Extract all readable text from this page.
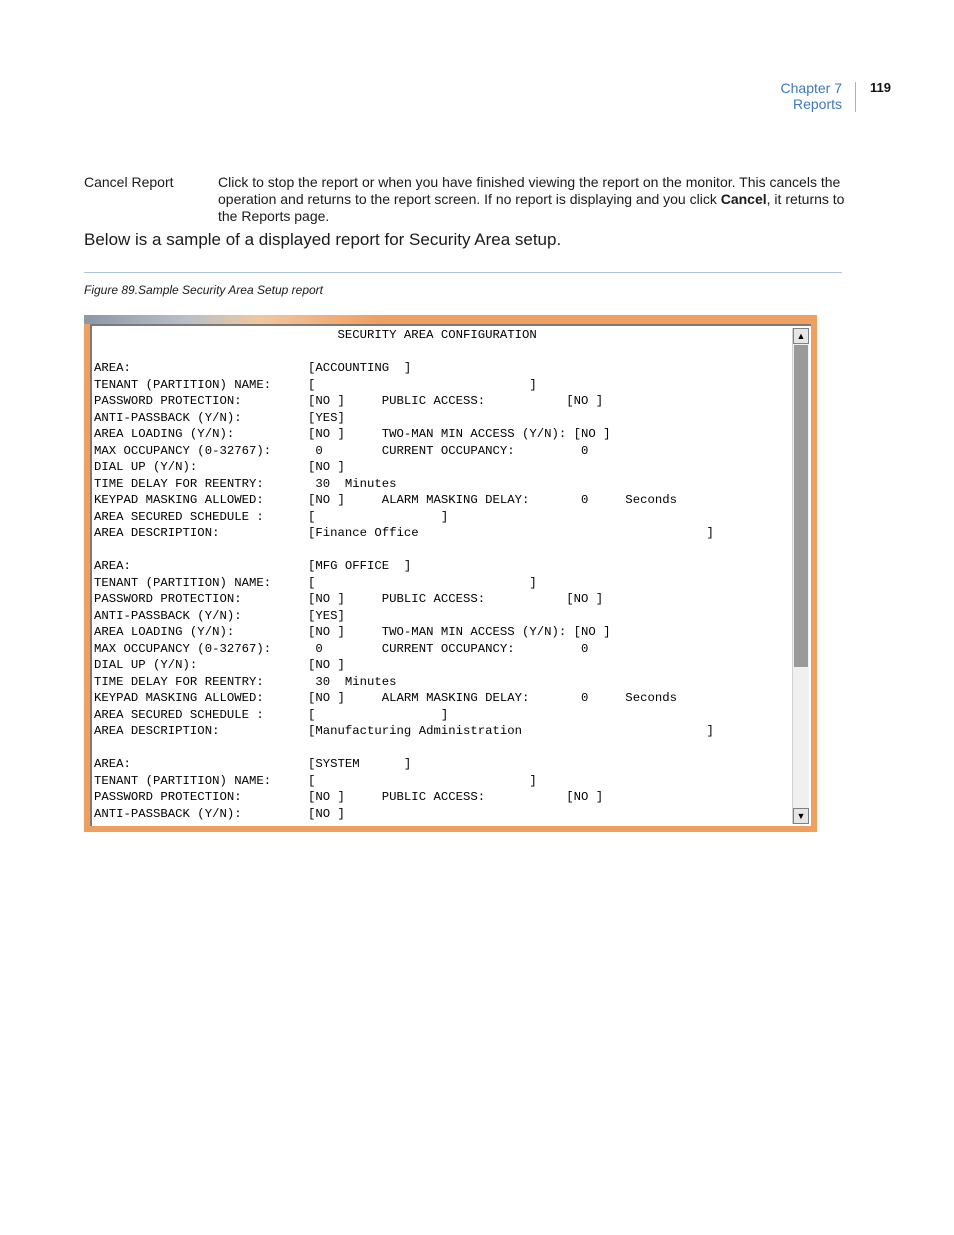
Chapter 7
Reports
119
Cancel Report	Click to stop the report or when you have finished viewing the report on the monitor. This cancels the operation and returns to the report screen. If no report is displaying and you click Cancel, it returns to the Reports page.
Below is a sample of a displayed report for Security Area setup.
Figure 89.Sample Security Area Setup report
SECURITY AREA CONFIGURATION

AREA:                        [ACCOUNTING  ]
TENANT (PARTITION) NAME:     [                             ]
PASSWORD PROTECTION:         [NO ]     PUBLIC ACCESS:           [NO ]
ANTI-PASSBACK (Y/N):         [YES]
AREA LOADING (Y/N):          [NO ]     TWO-MAN MIN ACCESS (Y/N): [NO ]
MAX OCCUPANCY (0-32767):      0        CURRENT OCCUPANCY:         0
DIAL UP (Y/N):               [NO ]
TIME DELAY FOR REENTRY:       30  Minutes
KEYPAD MASKING ALLOWED:      [NO ]     ALARM MASKING DELAY:       0     Seconds
AREA SECURED SCHEDULE :      [                 ]
AREA DESCRIPTION:            [Finance Office                                       ]

AREA:                        [MFG OFFICE  ]
TENANT (PARTITION) NAME:     [                             ]
PASSWORD PROTECTION:         [NO ]     PUBLIC ACCESS:           [NO ]
ANTI-PASSBACK (Y/N):         [YES]
AREA LOADING (Y/N):          [NO ]     TWO-MAN MIN ACCESS (Y/N): [NO ]
MAX OCCUPANCY (0-32767):      0        CURRENT OCCUPANCY:         0
DIAL UP (Y/N):               [NO ]
TIME DELAY FOR REENTRY:       30  Minutes
KEYPAD MASKING ALLOWED:      [NO ]     ALARM MASKING DELAY:       0     Seconds
AREA SECURED SCHEDULE :      [                 ]
AREA DESCRIPTION:            [Manufacturing Administration                         ]

AREA:                        [SYSTEM      ]
TENANT (PARTITION) NAME:     [                             ]
PASSWORD PROTECTION:         [NO ]     PUBLIC ACCESS:           [NO ]
ANTI-PASSBACK (Y/N):         [NO ]
▲
▼
